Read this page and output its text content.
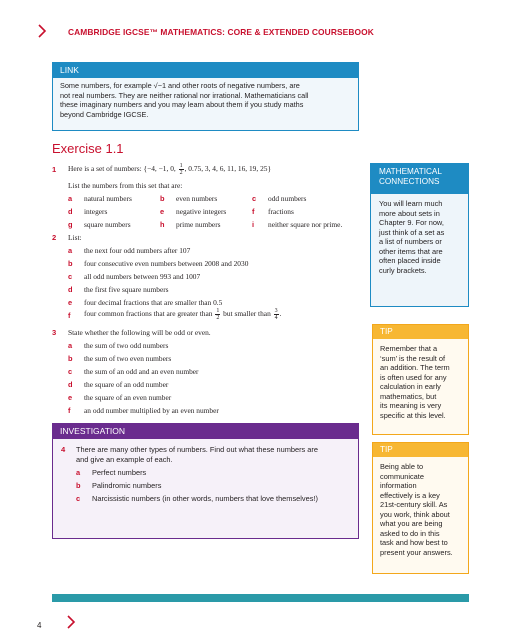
CAMBRIDGE IGCSE™ MATHEMATICS: CORE & EXTENDED COURSEBOOK
LINK
Some numbers, for example √−1 and other roots of negative numbers, are
not real numbers. They are neither rational nor irrational. Mathematicians call
these imaginary numbers and you may learn about them if you study maths
beyond Cambridge IGCSE.
Exercise 1.1
1 Here is a set of numbers: {−4, −1, 0, $\frac{1}{2}$ , 0.75, 3, 4, 6, 11, 16, 19, 25}
List the numbers from this set that are:
a natural numbers	b even numbers	c odd numbers
d integers	e negative integers	f fractions
g square numbers	h prime numbers	i neither square nor prime.
2 List:
a the next four odd numbers after 107
b four consecutive even numbers between 2008 and 2030
c all odd numbers between 993 and 1007
d the first five square numbers
e four decimal fractions that are smaller than 0.5
f four common fractions that are greater than $\frac{1}{2}$ but smaller than $\frac{3}{4}$ .
3 State whether the following will be odd or even.
a the sum of two odd numbers
b the sum of two even numbers
c the sum of an odd and an even number
d the square of an odd number
e the square of an even number
f an odd number multiplied by an even number
INVESTIGATION
4 There are many other types of numbers. Find out what these numbers are
and give an example of each.
a Perfect numbers
b Palindromic numbers
c Narcissistic numbers (in other words, numbers that love themselves!)
MATHEMATICAL
CONNECTIONS
You will learn much
more about sets in
Chapter 9. For now,
just think of a set as
a list of numbers or
other items that are
often placed inside
curly brackets.
TIP
Remember that a
‘sum’ is the result of
an addition. The term
is often used for any
calculation in early
mathematics, but
its meaning is very
specific at this level.
TIP
Being able to
communicate
information
effectively is a key
21st-century skill. As
you work, think about
what you are being
asked to do in this
task and how best to
present your answers.
4
